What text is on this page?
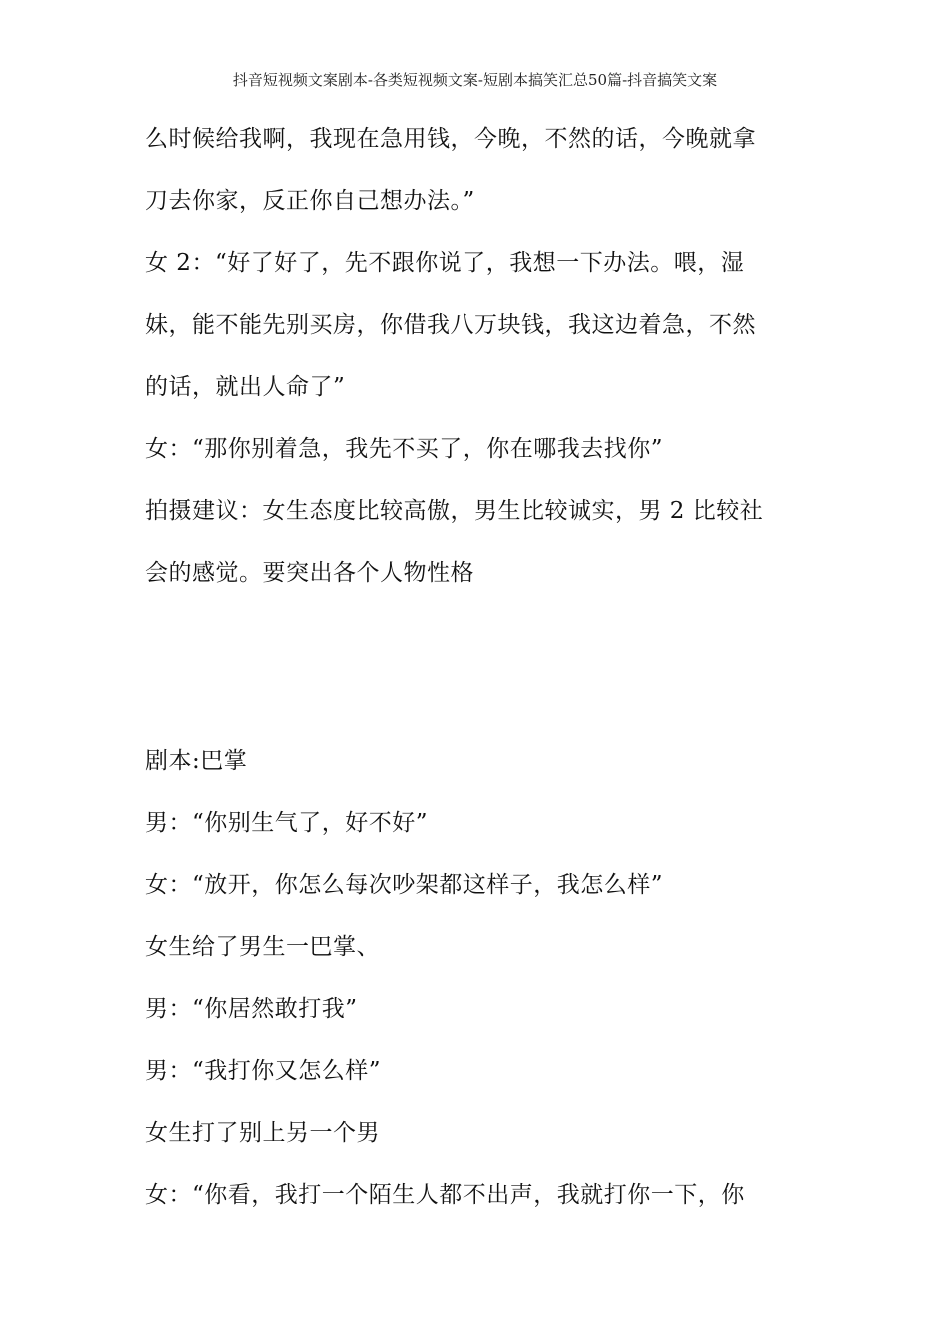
抖音短视频文案剧本-各类短视频文案-短剧本搞笑汇总50篇-抖音搞笑文案

么时候给我啊，我现在急用钱，今晚，不然的话，今晚就拿

刀去你家，反正你自己想办法。”

女 2：“好了好了，先不跟你说了，我想一下办法。喂，湿

妹，能不能先别买房，你借我八万块钱，我这边着急，不然

的话，就出人命了”

女：“那你别着急，我先不买了，你在哪我去找你”

拍摄建议：女生态度比较高傲，男生比较诚实，男 2 比较社

会的感觉。要突出各个人物性格

剧本:巴掌

男：“你别生气了，好不好”

女：“放开，你怎么每次吵架都这样子，我怎么样”

女生给了男生一巴掌、

男：“你居然敢打我”

男：“我打你又怎么样”

女生打了别上另一个男

女：“你看，我打一个陌生人都不出声，我就打你一下，你
